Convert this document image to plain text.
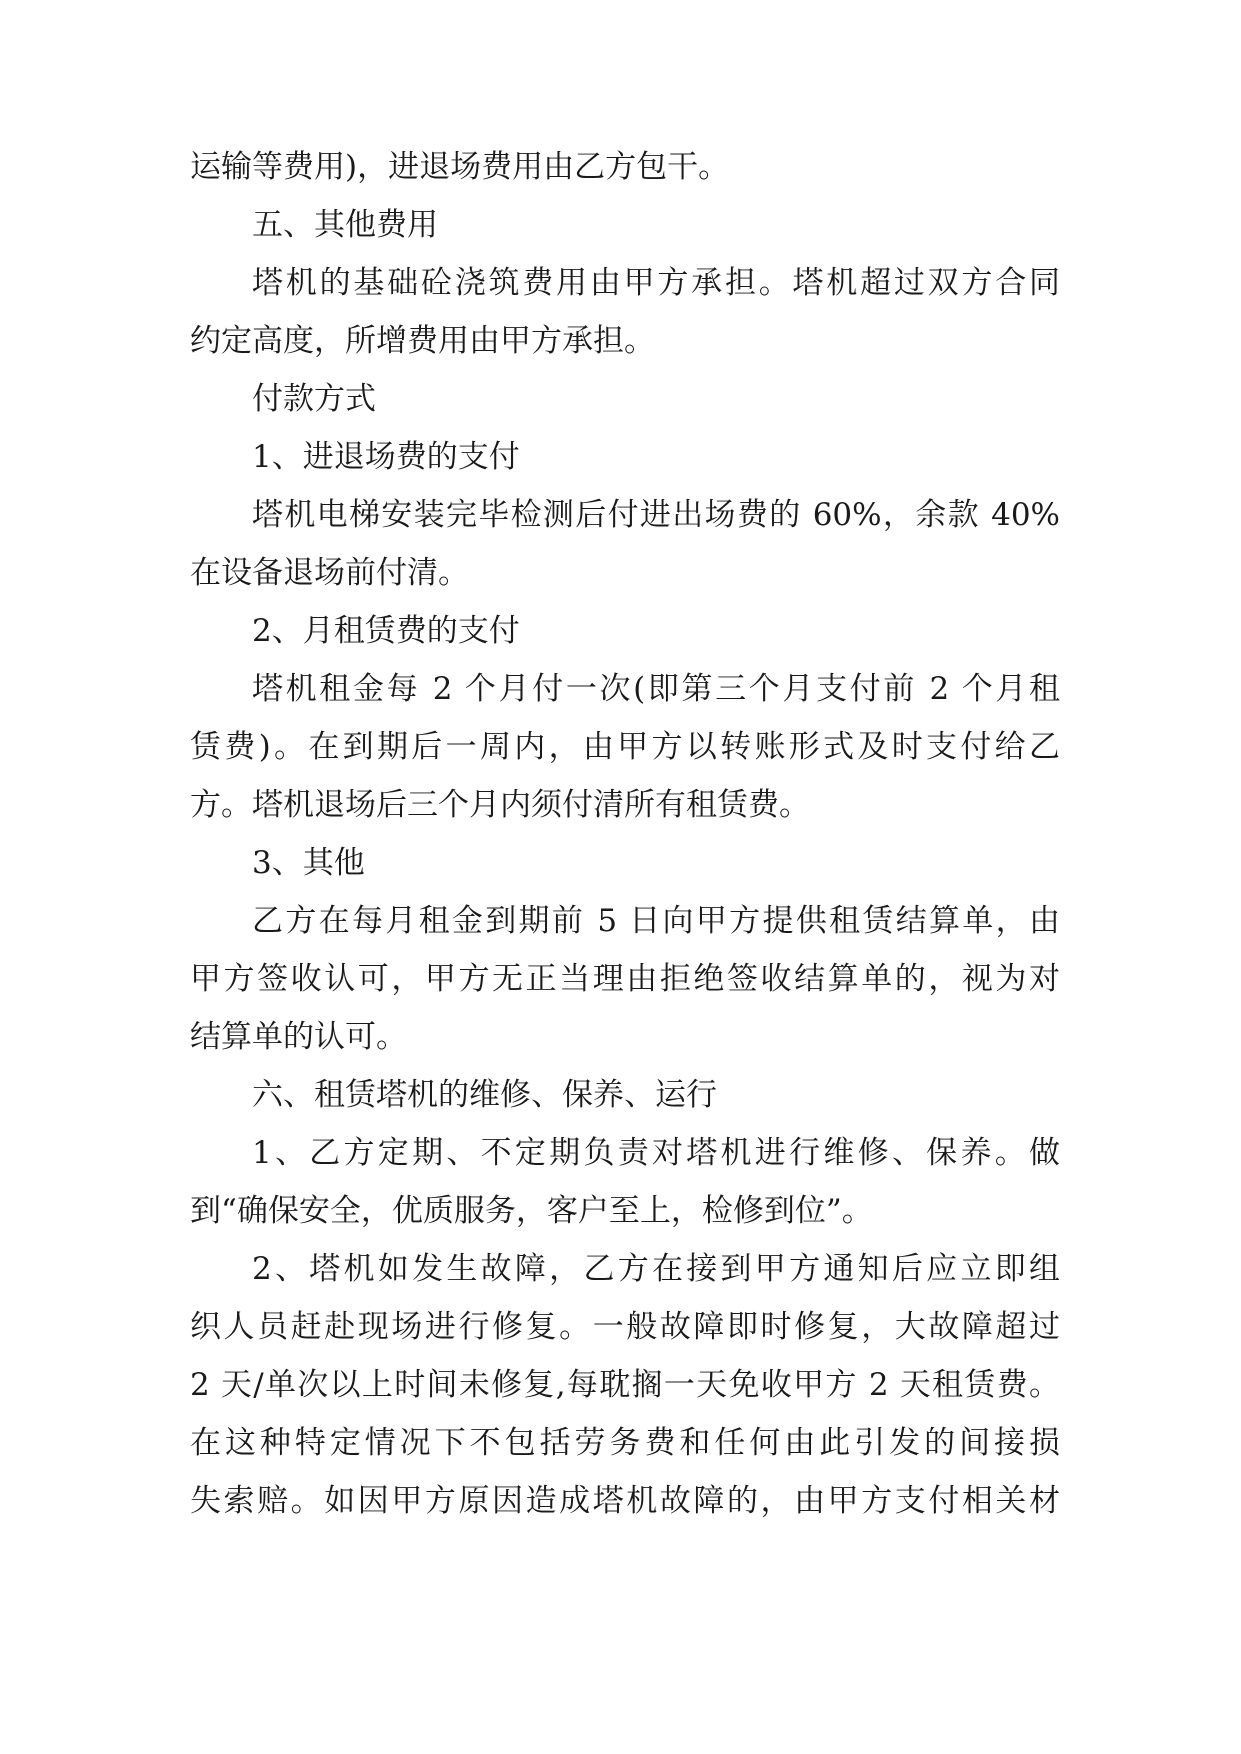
运输等费用)，进退场费用由乙方包干。
五、其他费用
塔机的基础砼浇筑费用由甲方承担。塔机超过双方合同
约定高度，所增费用由甲方承担。
付款方式
1、进退场费的支付
塔机电梯安装完毕检测后付进出场费的 60%，余款 40%
在设备退场前付清。
2、月租赁费的支付
塔机租金每 2 个月付一次(即第三个月支付前 2 个月租
赁费)。在到期后一周内，由甲方以转账形式及时支付给乙
方。塔机退场后三个月内须付清所有租赁费。
3、其他
乙方在每月租金到期前 5 日向甲方提供租赁结算单，由
甲方签收认可，甲方无正当理由拒绝签收结算单的，视为对
结算单的认可。
六、租赁塔机的维修、保养、运行
1、乙方定期、不定期负责对塔机进行维修、保养。做
到“确保安全，优质服务，客户至上，检修到位”。
2、塔机如发生故障，乙方在接到甲方通知后应立即组
织人员赶赴现场进行修复。一般故障即时修复，大故障超过
2 天/单次以上时间未修复,每耽搁一天免收甲方 2 天租赁费。
在这种特定情况下不包括劳务费和任何由此引发的间接损
失索赔。如因甲方原因造成塔机故障的，由甲方支付相关材
